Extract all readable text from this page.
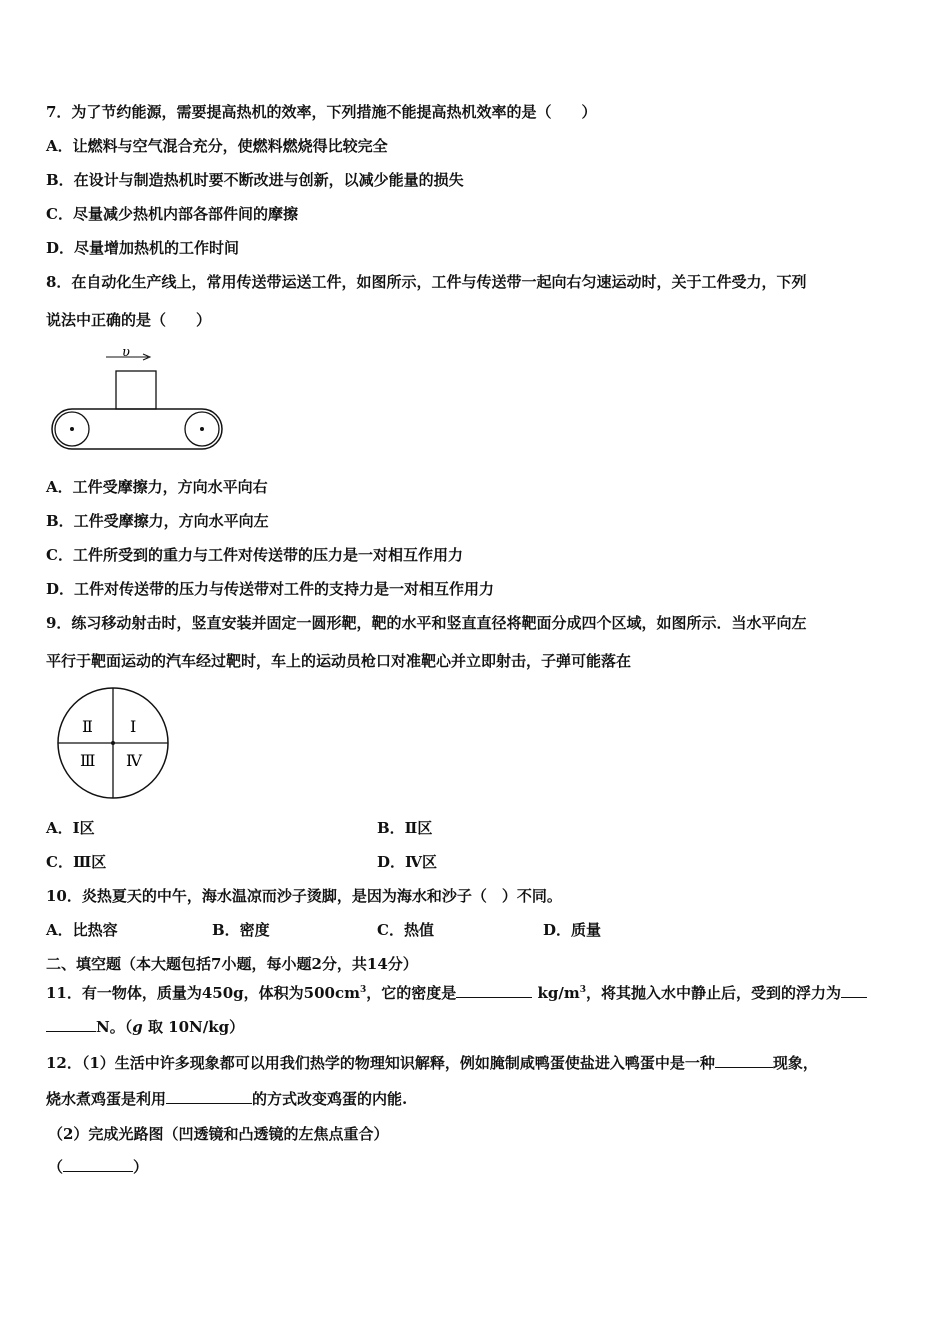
7．为了节约能源，需要提高热机的效率，下列措施不能提高热机效率的是（　　）
A．让燃料与空气混合充分，使燃料燃烧得比较完全
B．在设计与制造热机时要不断改进与创新，以减少能量的损失
C．尽量减少热机内部各部件间的摩擦
D．尽量增加热机的工作时间
8．在自动化生产线上，常用传送带运送工件，如图所示，工件与传送带一起向右匀速运动时，关于工件受力，下列
说法中正确的是（　　）
υ
A．工件受摩擦力，方向水平向右
B．工件受摩擦力，方向水平向左
C．工件所受到的重力与工件对传送带的压力是一对相互作用力
D．工件对传送带的压力与传送带对工件的支持力是一对相互作用力
9．练习移动射击时，竖直安装并固定一圆形靶，靶的水平和竖直直径将靶面分成四个区域，如图所示．当水平向左
平行于靶面运动的汽车经过靶时，车上的运动员枪口对准靶心并立即射击，子弹可能落在
Ⅱ Ⅰ
Ⅲ Ⅳ
A．Ⅰ区	B．Ⅱ区
C．Ⅲ区	D．Ⅳ区
10．炎热夏天的中午，海水温凉而沙子烫脚，是因为海水和沙子（　）不同。
A．比热容	B．密度	C．热值	D．质量
二、填空题（本大题包括7小题，每小题2分，共14分）
11．有一物体，质量为450g，体积为$500cm^3$，它的密度是	$kg/m^3$，将其抛入水中静止后，受到的浮力为
N。（g 取 10N/kg）
12．（1）生活中许多现象都可以用我们热学的物理知识解释，例如腌制咸鸭蛋使盐进入鸭蛋中是一种	现象，
烧水煮鸡蛋是利用	的方式改变鸡蛋的内能.
（2）完成光路图（凹透镜和凸透镜的左焦点重合）
（	）
